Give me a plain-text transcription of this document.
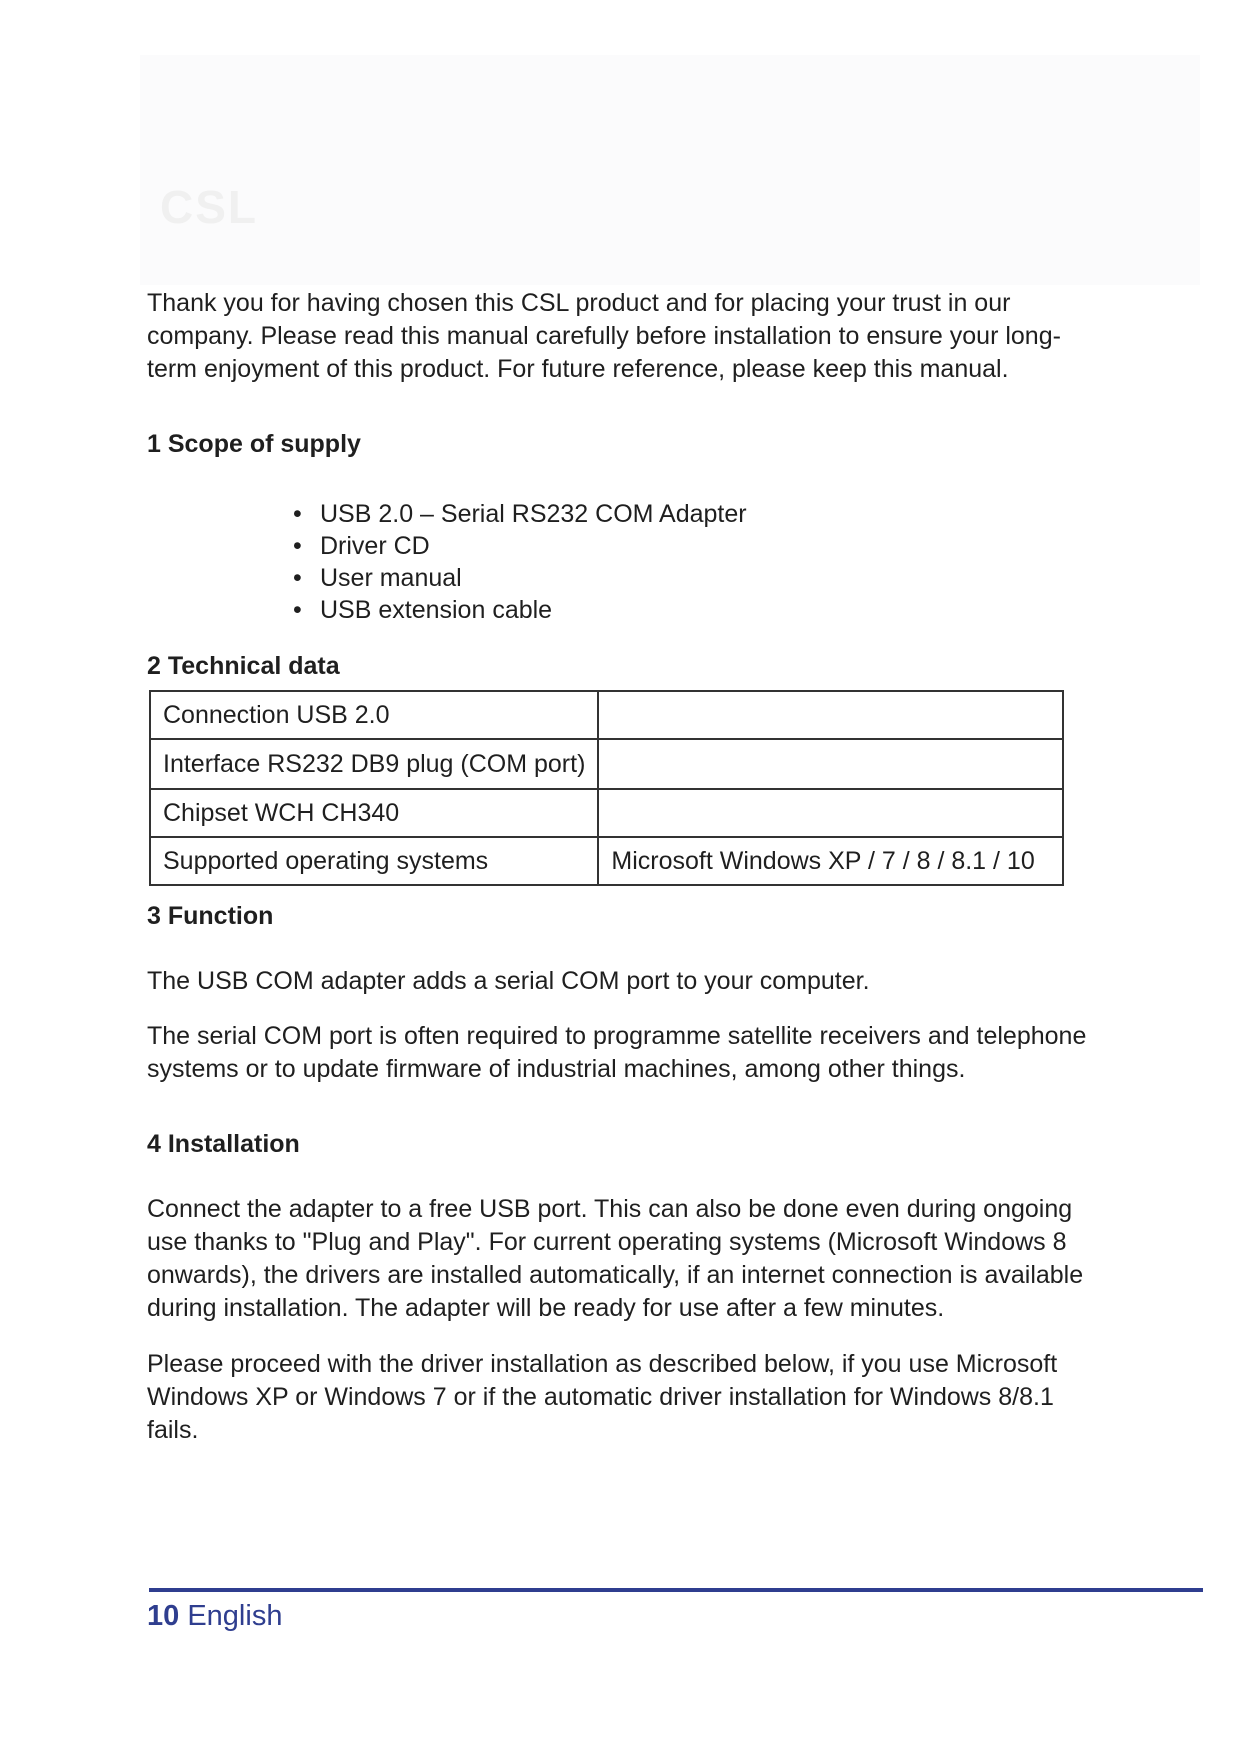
CSL

Thank you for having chosen this CSL product and for placing your trust in our company. Please read this manual carefully before installation to ensure your long-term enjoyment of this product. For future reference, please keep this manual.

1 Scope of supply
• USB 2.0 – Serial RS232 COM Adapter
• Driver CD
• User manual
• USB extension cable
2 Technical data
Connection USB 2.0	
Interface RS232 DB9 plug (COM port)	
Chipset WCH CH340	
Supported operating systems	Microsoft Windows XP / 7 / 8 / 8.1 / 10
3 Function

The USB COM adapter adds a serial COM port to your computer.

The serial COM port is often required to programme satellite receivers and telephone systems or to update firmware of industrial machines, among other things.

4 Installation

Connect the adapter to a free USB port. This can also be done even during ongoing use thanks to "Plug and Play". For current operating systems (Microsoft Windows 8 onwards), the drivers are installed automatically, if an internet connection is available during installation. The adapter will be ready for use after a few minutes.

Please proceed with the driver installation as described below, if you use Microsoft Windows XP or Windows 7 or if the automatic driver installation for Windows 8/8.1 fails.

10 English
